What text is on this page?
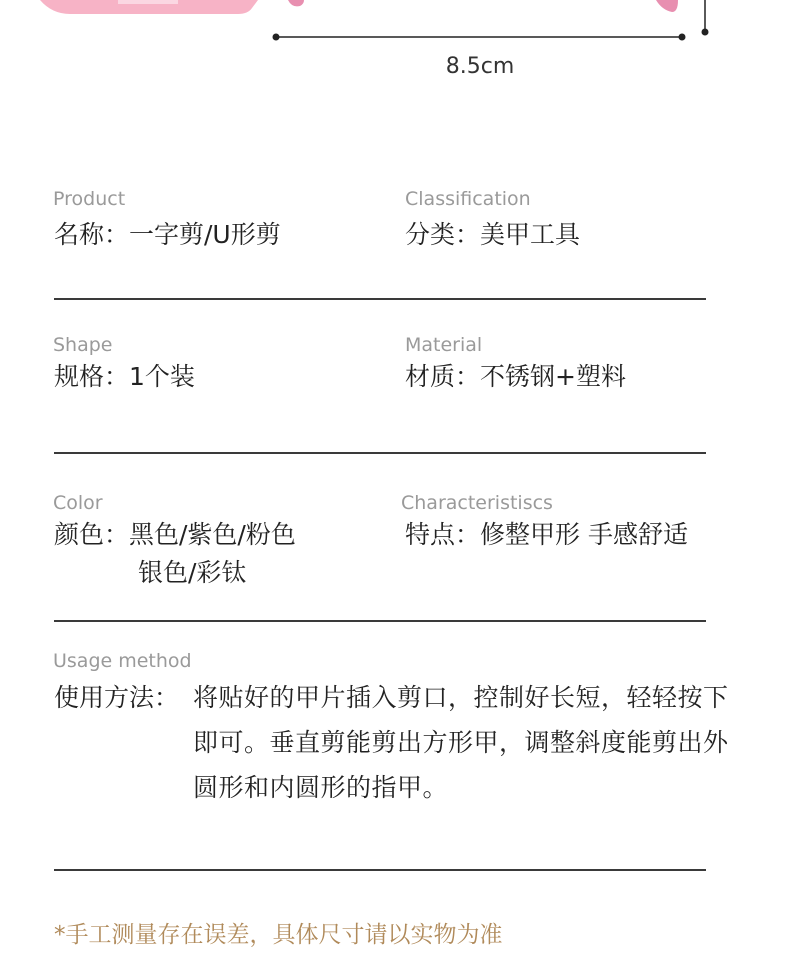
8.5cm
Product
名称：一字剪/U形剪
Classification
分类：美甲工具
Shape
规格：1个装
Material
材质：不锈钢+塑料
Color
颜色：黑色/紫色/粉色
银色/彩钛
Characteristiscs
特点：修整甲形 手感舒适
Usage method
使用方法： 将贴好的甲片插入剪口，控制好长短，轻轻按下即可。垂直剪能剪出方形甲，调整斜度能剪出外圆形和内圆形的指甲。
*手工测量存在误差，具体尺寸请以实物为准
